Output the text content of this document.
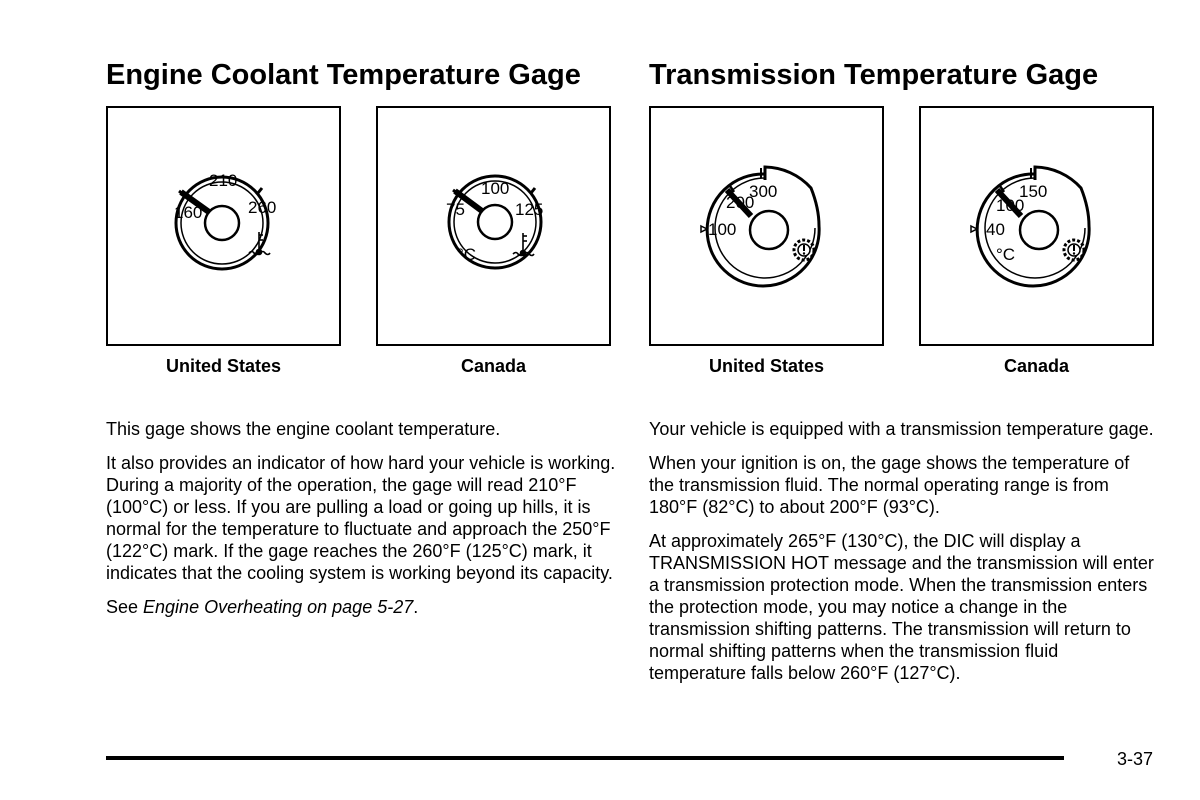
Engine Coolant Temperature Gage
210
160	260
United States
100
75	125
°C
Canada

This gage shows the engine coolant temperature.

It also provides an indicator of how hard your vehicle is working. During a majority of the operation, the gage will read 210°F (100°C) or less. If you are pulling a load or going up hills, it is normal for the temperature to fluctuate and approach the 250°F (122°C) mark. If the gage reaches the 260°F (125°C) mark, it indicates that the cooling system is working beyond its capacity.

See Engine Overheating on page 5-27.

Transmission Temperature Gage
300
200
100
United States
150
100
40
°C
Canada

Your vehicle is equipped with a transmission temperature gage.

When your ignition is on, the gage shows the temperature of the transmission fluid. The normal operating range is from 180°F (82°C) to about 200°F (93°C).

At approximately 265°F (130°C), the DIC will display a TRANSMISSION HOT message and the transmission will enter a transmission protection mode. When the transmission enters the protection mode, you may notice a change in the transmission shifting patterns. The transmission will return to normal shifting patterns when the transmission fluid temperature falls below 260°F (127°C).

3-37
